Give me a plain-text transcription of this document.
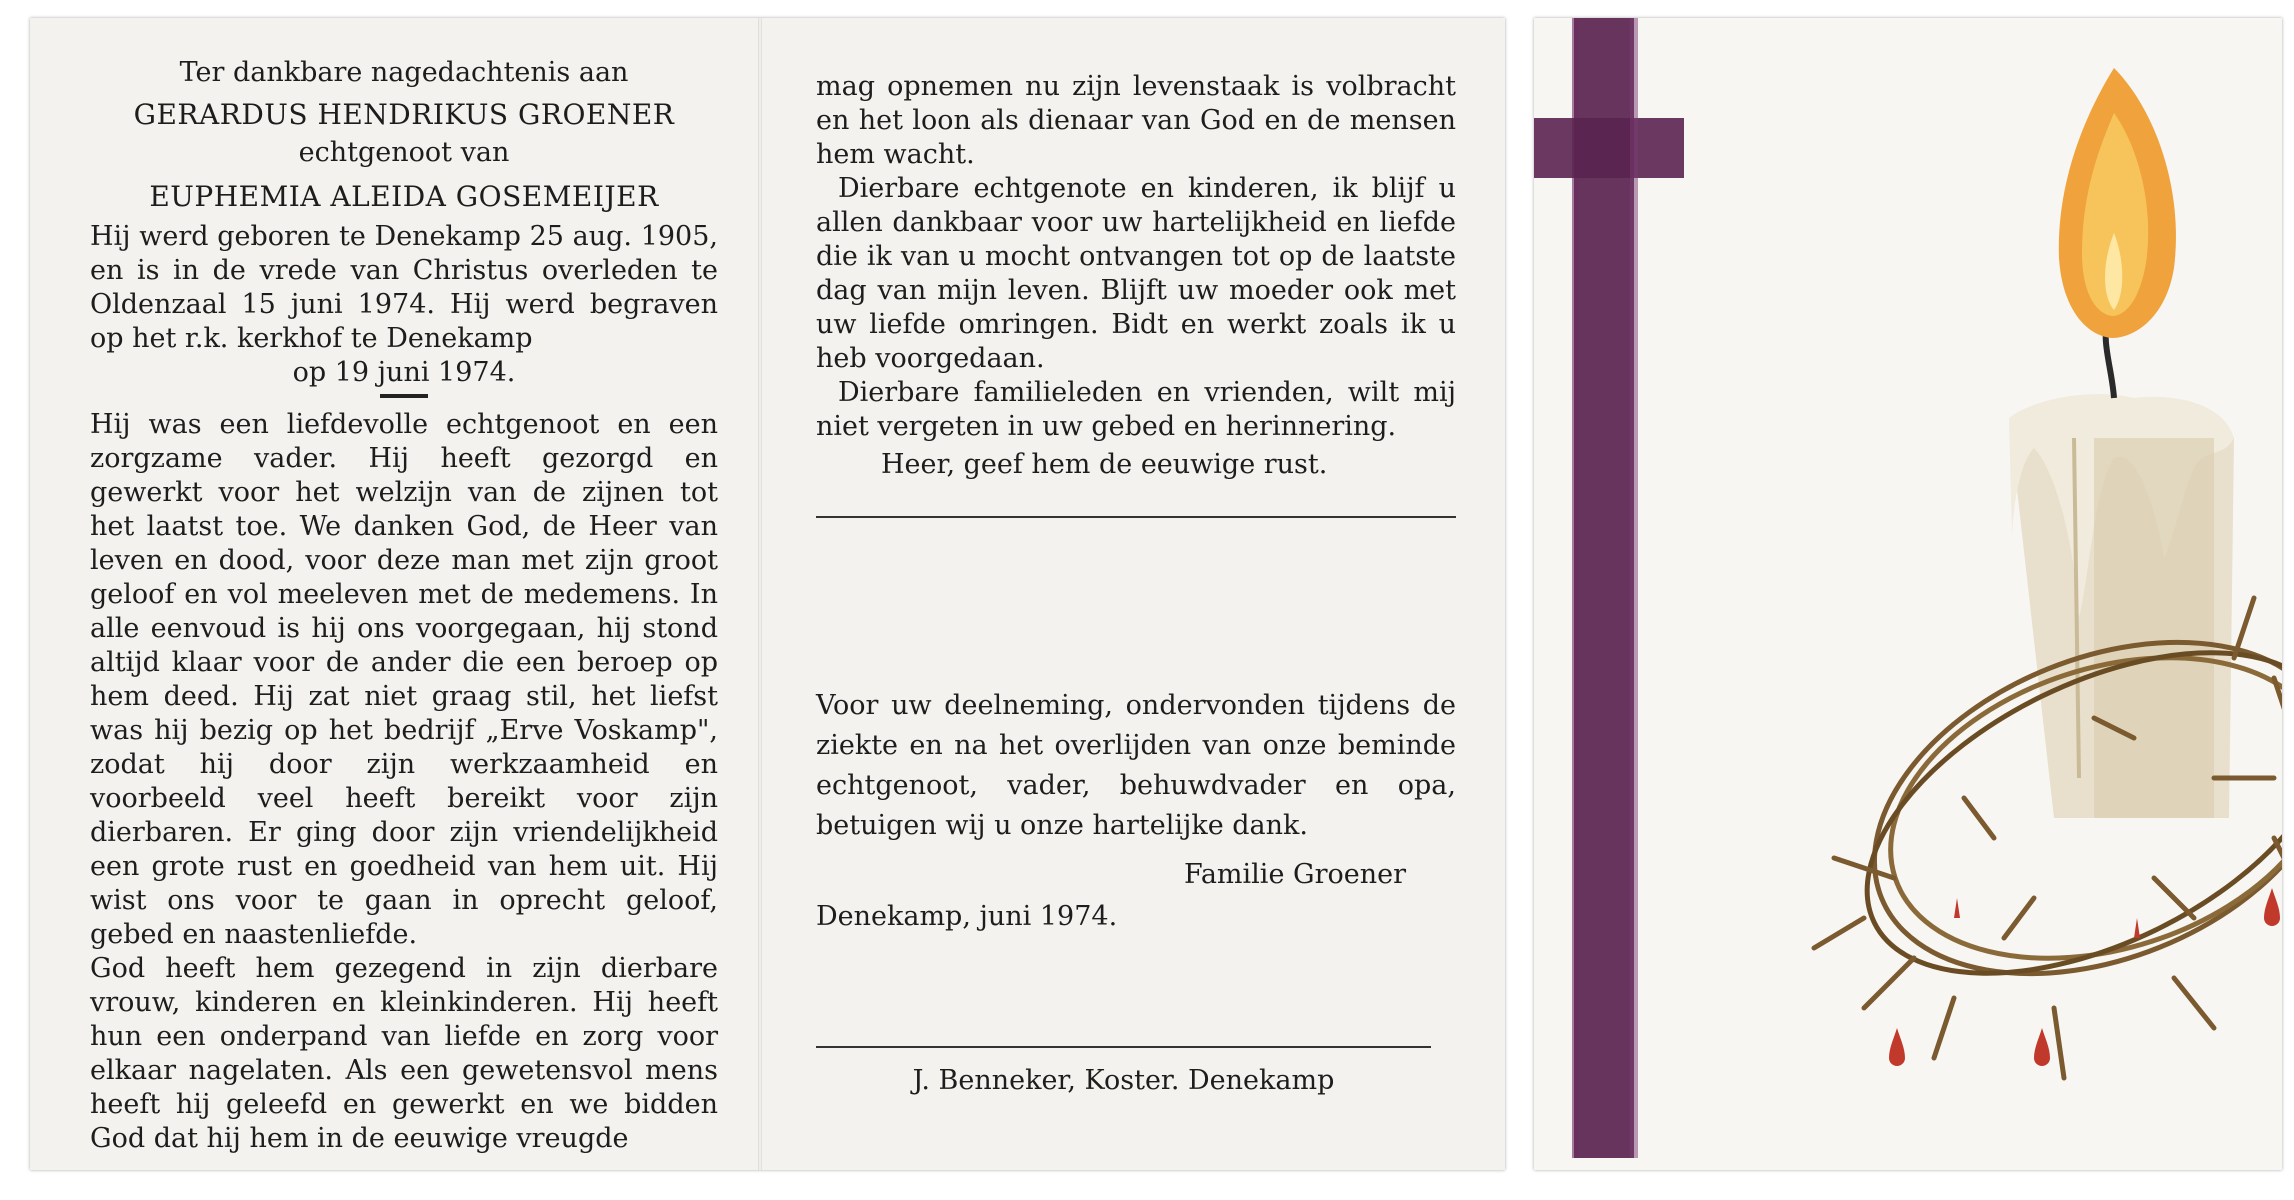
Ter dankbare nagedachtenis aan

GERARDUS HENDRIKUS GROENER

echtgenoot van

EUPHEMIA ALEIDA GOSEMEIJER

Hij werd geboren te Denekamp 25 aug. 1905, en is in de vrede van Christus overleden te Oldenzaal 15 juni 1974. Hij werd begraven op het r.k. kerkhof te Denekamp

op 19 juni 1974.

Hij was een liefdevolle echtgenoot en een zorgzame vader. Hij heeft gezorgd en gewerkt voor het welzijn van de zijnen tot het laatst toe. We danken God, de Heer van leven en dood, voor deze man met zijn groot geloof en vol meeleven met de medemens. In alle eenvoud is hij ons voorgegaan, hij stond altijd klaar voor de ander die een beroep op hem deed. Hij zat niet graag stil, het liefst was hij bezig op het bedrijf „Erve Voskamp", zodat hij door zijn werkzaamheid en voorbeeld veel heeft bereikt voor zijn dierbaren. Er ging door zijn vriendelijkheid een grote rust en goedheid van hem uit. Hij wist ons voor te gaan in oprecht geloof, gebed en naastenliefde.

God heeft hem gezegend in zijn dierbare vrouw, kinderen en kleinkinderen. Hij heeft hun een onderpand van liefde en zorg voor elkaar nagelaten. Als een gewetensvol mens heeft hij geleefd en gewerkt en we bidden God dat hij hem in de eeuwige vreugde

mag opnemen nu zijn levenstaak is volbracht en het loon als dienaar van God en de mensen hem wacht.

Dierbare echtgenote en kinderen, ik blijf u allen dankbaar voor uw hartelijkheid en liefde die ik van u mocht ontvangen tot op de laatste dag van mijn leven. Blijft uw moeder ook met uw liefde omringen. Bidt en werkt zoals ik u heb voorgedaan.

Dierbare familieleden en vrienden, wilt mij niet vergeten in uw gebed en herinnering.

Heer, geef hem de eeuwige rust.

Voor uw deelneming, ondervonden tijdens de ziekte en na het overlijden van onze beminde echtgenoot, vader, behuwdvader en opa, betuigen wij u onze hartelijke dank.

Familie Groener

Denekamp, juni 1974.

J. Benneker, Koster. Denekamp
